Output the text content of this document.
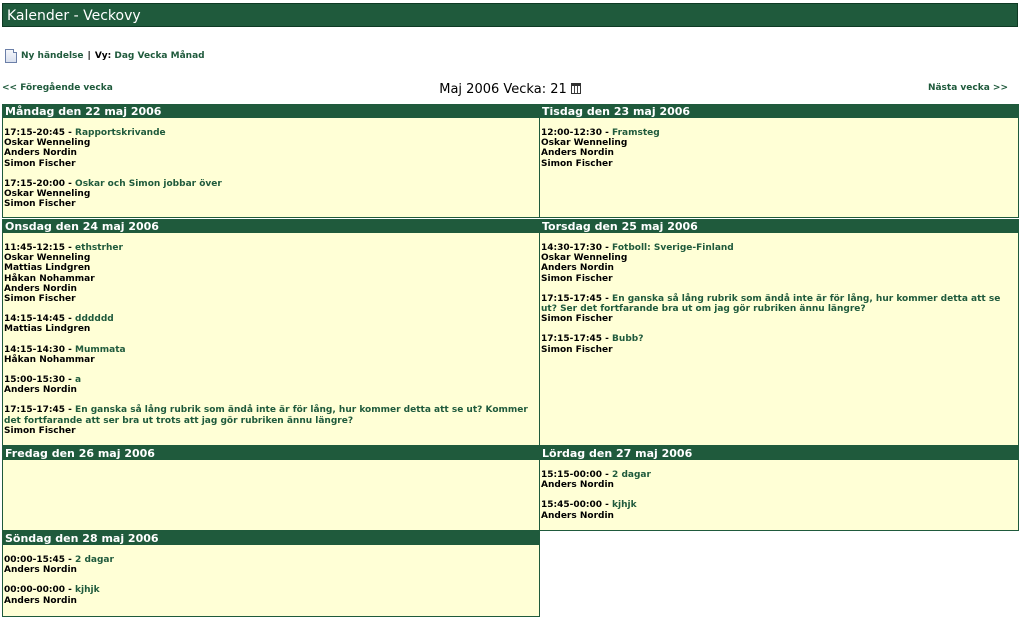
Kalender - Veckovy
Ny händelse | Vy:
Dag
Vecka
Månad
<< Föregående vecka	Maj 2006 Vecka: 21	Nästa vecka >>
Måndag den 22 maj 2006
17:15-20:45 - Rapportskrivande
Oskar Wenneling
Anders Nordin
Simon Fischer
17:15-20:00 - Oskar och Simon jobbar över
Oskar Wenneling
Simon Fischer
Tisdag den 23 maj 2006
12:00-12:30 - Framsteg
Oskar Wenneling
Anders Nordin
Simon Fischer
Onsdag den 24 maj 2006
11:45-12:15 - ethstrher
Oskar Wenneling
Mattias Lindgren
Håkan Nohammar
Anders Nordin
Simon Fischer
14:15-14:45 - dddddd
Mattias Lindgren
14:15-14:30 - Mummata
Håkan Nohammar
15:00-15:30 - a
Anders Nordin
17:15-17:45 - En ganska så lång rubrik som ändå inte är för lång, hur kommer detta att se ut? Kommer det fortfarande att ser bra ut trots att jag gör rubriken ännu längre?
Simon Fischer
Torsdag den 25 maj 2006
14:30-17:30 - Fotboll: Sverige-Finland
Oskar Wenneling
Anders Nordin
Simon Fischer
17:15-17:45 - En ganska så lång rubrik som ändå inte är för lång, hur kommer detta att se ut? Ser det fortfarande bra ut om jag gör rubriken ännu längre?
Simon Fischer
17:15-17:45 - Bubb?
Simon Fischer
Fredag den 26 maj 2006	Lördag den 27 maj 2006
15:15-00:00 - 2 dagar
Anders Nordin
15:45-00:00 - kjhjk
Anders Nordin
Söndag den 28 maj 2006
00:00-15:45 - 2 dagar
Anders Nordin
00:00-00:00 - kjhjk
Anders Nordin
